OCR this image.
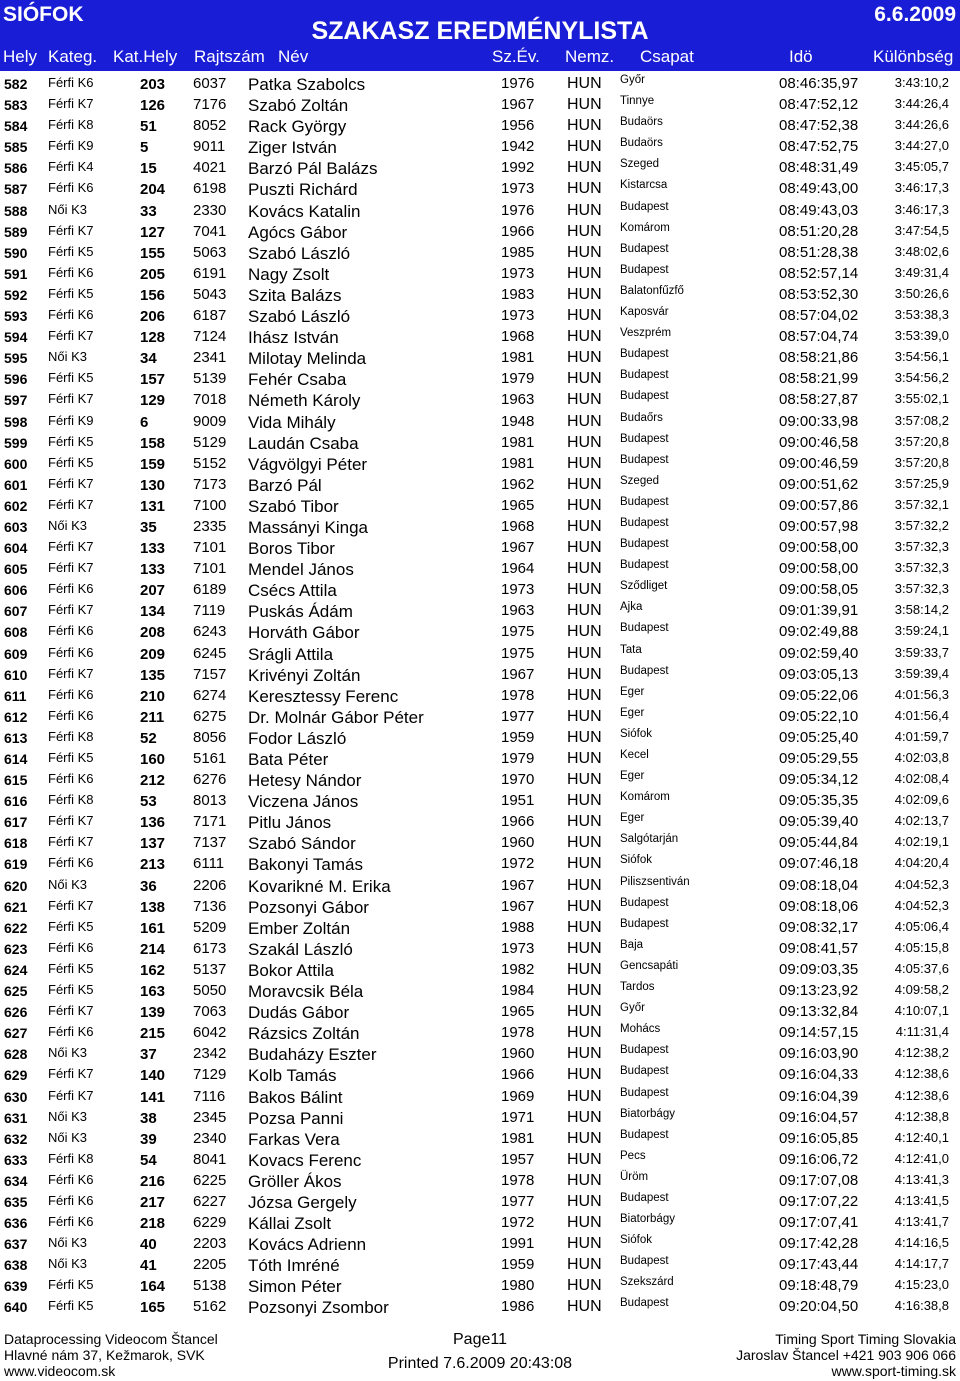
SIÓFOK
SZAKASZ EREDMÉNYLISTA
6.6.2009
Hely Kateg. Kat.Hely Rajtszám Név	Sz.Év. Nemz. Csapat	Idö	Különbség
582 Férfi K6	203 6037 Patka Szabolcs	1976 HUN Győr	08:46:35,97	3:43:10,2
583 Férfi K7	126 7176 Szabó Zoltán	1967 HUN Tinnye	08:47:52,12	3:44:26,4
584 Férfi K8	51 8052 Rack György	1956 HUN Budaörs	08:47:52,38	3:44:26,6
585 Férfi K9	5	9011 Ziger István	1942 HUN Budaörs	08:47:52,75	3:44:27,0
586 Férfi K4	15 4021 Barzó Pál Balázs	1992 HUN Szeged	08:48:31,49	3:45:05,7
587 Férfi K6	204 6198 Puszti Richárd	1973 HUN Kistarcsa	08:49:43,00	3:46:17,3
588 Női K3	33 2330 Kovács Katalin	1976 HUN Budapest	08:49:43,03	3:46:17,3
589 Férfi K7	127 7041 Agócs Gábor	1966 HUN Komárom	08:51:20,28	3:47:54,5
590 Férfi K5	155 5063 Szabó László	1985 HUN Budapest	08:51:28,38	3:48:02,6
591 Férfi K6	205 6191 Nagy Zsolt	1973 HUN Budapest	08:52:57,14	3:49:31,4
592 Férfi K5	156 5043 Szita Balázs	1983 HUN Balatonfűzfő	08:53:52,30	3:50:26,6
593 Férfi K6	206 6187 Szabó László	1973 HUN Kaposvár	08:57:04,02	3:53:38,3
594 Férfi K7	128 7124 Ihász István	1968 HUN Veszprém	08:57:04,74	3:53:39,0
595 Női K3	34 2341 Milotay Melinda	1981 HUN Budapest	08:58:21,86	3:54:56,1
596 Férfi K5	157 5139 Fehér Csaba	1979 HUN Budapest	08:58:21,99	3:54:56,2
597 Férfi K7	129 7018 Németh Károly	1963 HUN Budapest	08:58:27,87	3:55:02,1
598 Férfi K9	6	9009 Vida Mihály	1948 HUN Budaőrs	09:00:33,98	3:57:08,2
599 Férfi K5	158 5129 Laudán Csaba	1981 HUN Budapest	09:00:46,58	3:57:20,8
600 Férfi K5	159 5152 Vágvölgyi Péter	1981 HUN Budapest	09:00:46,59	3:57:20,8
601 Férfi K7	130 7173 Barzó Pál	1962 HUN Szeged	09:00:51,62	3:57:25,9
602 Férfi K7	131 7100 Szabó Tibor	1965 HUN Budapest	09:00:57,86	3:57:32,1
603 Női K3	35 2335 Massányi Kinga	1968 HUN Budapest	09:00:57,98	3:57:32,2
604 Férfi K7	133 7101 Boros Tibor	1967 HUN Budapest	09:00:58,00	3:57:32,3
605 Férfi K7	133 7101 Mendel János	1964 HUN Budapest	09:00:58,00	3:57:32,3
606 Férfi K6	207 6189 Csécs Attila	1973 HUN Sződliget	09:00:58,05	3:57:32,3
607 Férfi K7	134 7119 Puskás Ádám	1963 HUN Ajka	09:01:39,91	3:58:14,2
608 Férfi K6	208 6243 Horváth Gábor	1975 HUN Budapest	09:02:49,88	3:59:24,1
609 Férfi K6	209 6245 Srágli Attila	1975 HUN Tata	09:02:59,40	3:59:33,7
610 Férfi K7	135 7157 Krivényi Zoltán	1967 HUN Budapest	09:03:05,13	3:59:39,4
611 Férfi K6	210 6274 Keresztessy Ferenc	1978 HUN Eger	09:05:22,06	4:01:56,3
612 Férfi K6	211 6275 Dr. Molnár Gábor Péter	1977 HUN Eger	09:05:22,10	4:01:56,4
613 Férfi K8	52 8056 Fodor László	1959 HUN Siófok	09:05:25,40	4:01:59,7
614 Férfi K5	160 5161 Bata Péter	1979 HUN Kecel	09:05:29,55	4:02:03,8
615 Férfi K6	212 6276 Hetesy Nándor	1970 HUN Eger	09:05:34,12	4:02:08,4
616 Férfi K8	53 8013 Viczena János	1951 HUN Komárom	09:05:35,35	4:02:09,6
617 Férfi K7	136 7171 Pitlu János	1966 HUN Eger	09:05:39,40	4:02:13,7
618 Férfi K7	137 7137 Szabó Sándor	1960 HUN Salgótarján	09:05:44,84	4:02:19,1
619 Férfi K6	213 6111 Bakonyi Tamás	1972 HUN Siófok	09:07:46,18	4:04:20,4
620 Női K3	36 2206 Kovarikné M. Erika	1967 HUN Piliszsentiván	09:08:18,04	4:04:52,3
621 Férfi K7	138 7136 Pozsonyi Gábor	1967 HUN Budapest	09:08:18,06	4:04:52,3
622 Férfi K5	161 5209 Ember Zoltán	1988 HUN Budapest	09:08:32,17	4:05:06,4
623 Férfi K6	214 6173 Szakál László	1973 HUN Baja	09:08:41,57	4:05:15,8
624 Férfi K5	162 5137 Bokor Attila	1982 HUN Gencsapáti	09:09:03,35	4:05:37,6
625 Férfi K5	163 5050 Moravcsik Béla	1984 HUN Tardos	09:13:23,92	4:09:58,2
626 Férfi K7	139 7063 Dudás Gábor	1965 HUN Győr	09:13:32,84	4:10:07,1
627 Férfi K6	215 6042 Rázsics Zoltán	1978 HUN Mohács	09:14:57,15	4:11:31,4
628 Női K3	37 2342 Budaházy Eszter	1960 HUN Budapest	09:16:03,90	4:12:38,2
629 Férfi K7	140 7129 Kolb Tamás	1966 HUN Budapest	09:16:04,33	4:12:38,6
630 Férfi K7	141 7116 Bakos Bálint	1969 HUN Budapest	09:16:04,39	4:12:38,6
631 Női K3	38 2345 Pozsa Panni	1971 HUN Biatorbágy	09:16:04,57	4:12:38,8
632 Női K3	39 2340 Farkas Vera	1981 HUN Budapest	09:16:05,85	4:12:40,1
633 Férfi K8	54 8041 Kovacs Ferenc	1957 HUN Pecs	09:16:06,72	4:12:41,0
634 Férfi K6	216 6225 Gröller Ákos	1978 HUN Üröm	09:17:07,08	4:13:41,3
635 Férfi K6	217 6227 Józsa Gergely	1977 HUN Budapest	09:17:07,22	4:13:41,5
636 Férfi K6	218 6229 Kállai Zsolt	1972 HUN Biatorbágy	09:17:07,41	4:13:41,7
637 Női K3	40 2203 Kovács Adrienn	1991 HUN Siófok	09:17:42,28	4:14:16,5
638 Női K3	41 2205 Tóth Imréné	1959 HUN Budapest	09:17:43,44	4:14:17,7
639 Férfi K5	164 5138 Simon Péter	1980 HUN Szekszárd	09:18:48,79	4:15:23,0
640 Férfi K5	165 5162 Pozsonyi Zsombor	1986 HUN Budapest	09:20:04,50	4:16:38,8
Dataprocessing Videocom Štancel
Hlavné nám 37, Kežmarok, SVK
www.videocom.sk
Page11
Printed 7.6.2009 20:43:08
Timing Sport Timing Slovakia
Jaroslav Štancel +421 903 906 066
www.sport-timing.sk
